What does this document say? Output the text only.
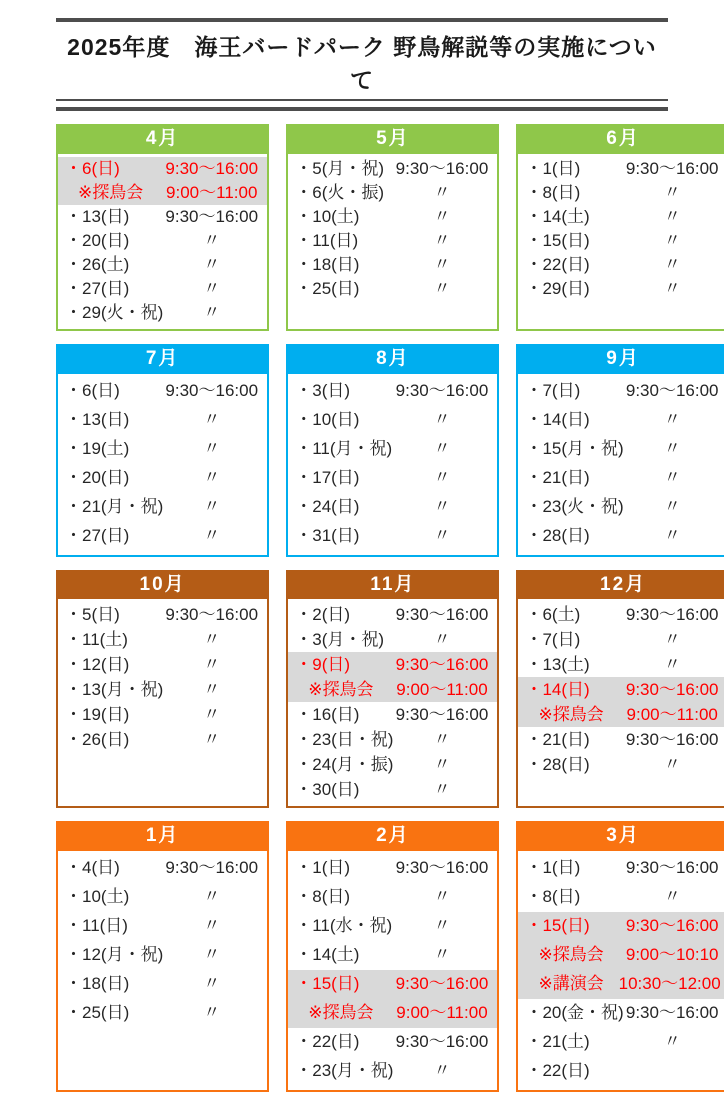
2025年度　海王バードパーク 野鳥解説等の実施について
4月
・6(日)	9:30〜16:00
※探鳥会	9:00〜11:00
・13(日)	9:30〜16:00
・20(日)	〃
・26(土)	〃
・27(日)	〃
・29(火・祝)	〃
5月
・5(月・祝) 9:30〜16:00
・6(火・振)	〃
・10(土)	〃
・11(日)	〃
・18(日)	〃
・25(日)	〃
6月
・1(日)	9:30〜16:00
・8(日)	〃
・14(土)	〃
・15(日)	〃
・22(日)	〃
・29(日)	〃
7月
・6(日)	9:30〜16:00
・13(日)	〃
・19(土)	〃
・20(日)	〃
・21(月・祝)	〃
・27(日)	〃
8月
・3(日)	9:30〜16:00
・10(日)	〃
・11(月・祝)	〃
・17(日)	〃
・24(日)	〃
・31(日)	〃
9月
・7(日)	9:30〜16:00
・14(日)	〃
・15(月・祝)	〃
・21(日)	〃
・23(火・祝)	〃
・28(日)	〃
10月
・5(日)	9:30〜16:00
・11(土)	〃
・12(日)	〃
・13(月・祝)	〃
・19(日)	〃
・26(日)	〃
11月
・2(日)	9:30〜16:00
・3(月・祝)	〃
・9(日)	9:30〜16:00
※探鳥会	9:00〜11:00
・16(日)	9:30〜16:00
・23(日・祝)	〃
・24(月・振)	〃
・30(日)	〃
12月
・6(土)	9:30〜16:00
・7(日)	〃
・13(土)	〃
・14(日)	9:30〜16:00
※探鳥会	9:00〜11:00
・21(日)	9:30〜16:00
・28(日)	〃
1月
・4(日)	9:30〜16:00
・10(土)	〃
・11(日)	〃
・12(月・祝)	〃
・18(日)	〃
・25(日)	〃
2月
・1(日)	9:30〜16:00
・8(日)	〃
・11(水・祝)	〃
・14(土)	〃
・15(日)	9:30〜16:00
※探鳥会	9:00〜11:00
・22(日)	9:30〜16:00
・23(月・祝)	〃
3月
・1(日)	9:30〜16:00
・8(日)	〃
・15(日)	9:30〜16:00
※探鳥会	9:00〜10:10
※講演会 10:30〜12:00
・20(金・祝) 9:30〜16:00
・21(土)	〃
・22(日)
